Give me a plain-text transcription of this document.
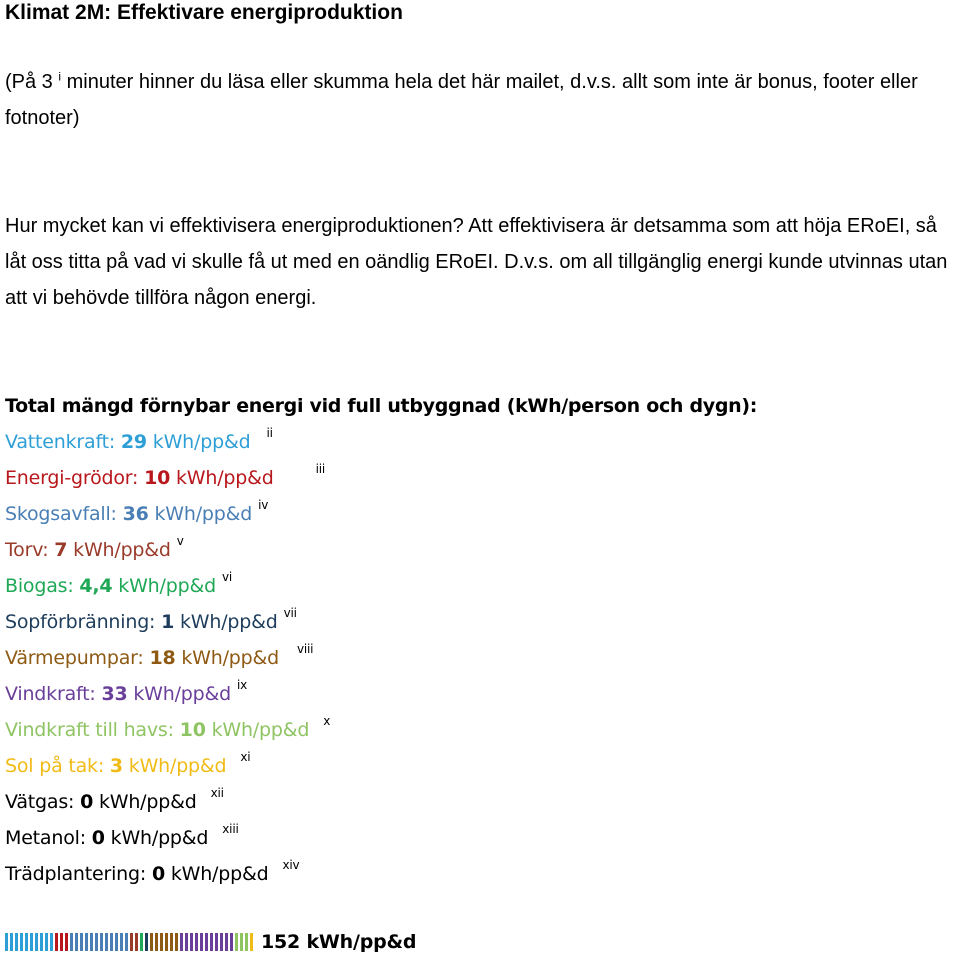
Klimat 2M: Effektivare energiproduktion
(På 3 $^i$ minuter hinner du läsa eller skumma hela det här mailet, d.v.s. allt som inte är bonus, footer eller fotnoter)
Hur mycket kan vi effektivisera energiproduktionen? Att effektivisera är detsamma som att höja ERoEI, så låt oss titta på vad vi skulle få ut med en oändlig ERoEI. D.v.s. om all tillgänglig energi kunde utvinnas utan att vi behövde tillföra någon energi.
Total mängd förnybar energi vid full utbyggnad (kWh/person och dygn):
Vattenkraft: 29 kWh/pp&d $^{ii}$
Energi-grödor: 10 kWh/pp&d	$^{iii}$
Skogsavfall: 36 kWh/pp&d $^{iv}$
Torv: 7 kWh/pp&d $^v$
Biogas: 4,4 kWh/pp&d $^{vi}$
Sopförbränning: 1 kWh/pp&d $^{vii}$
Värmepumpar: 18 kWh/pp&d $^{viii}$
Vindkraft: 33 kWh/pp&d $^{ix}$
Vindkraft till havs: 10 kWh/pp&d $^x$
Sol på tak: 3 kWh/pp&d $^{xi}$
Vätgas: 0 kWh/pp&d $^{xii}$
Metanol: 0 kWh/pp&d $^{xiii}$
Trädplantering: 0 kWh/pp&d $^{xiv}$
152 kWh/pp&d
